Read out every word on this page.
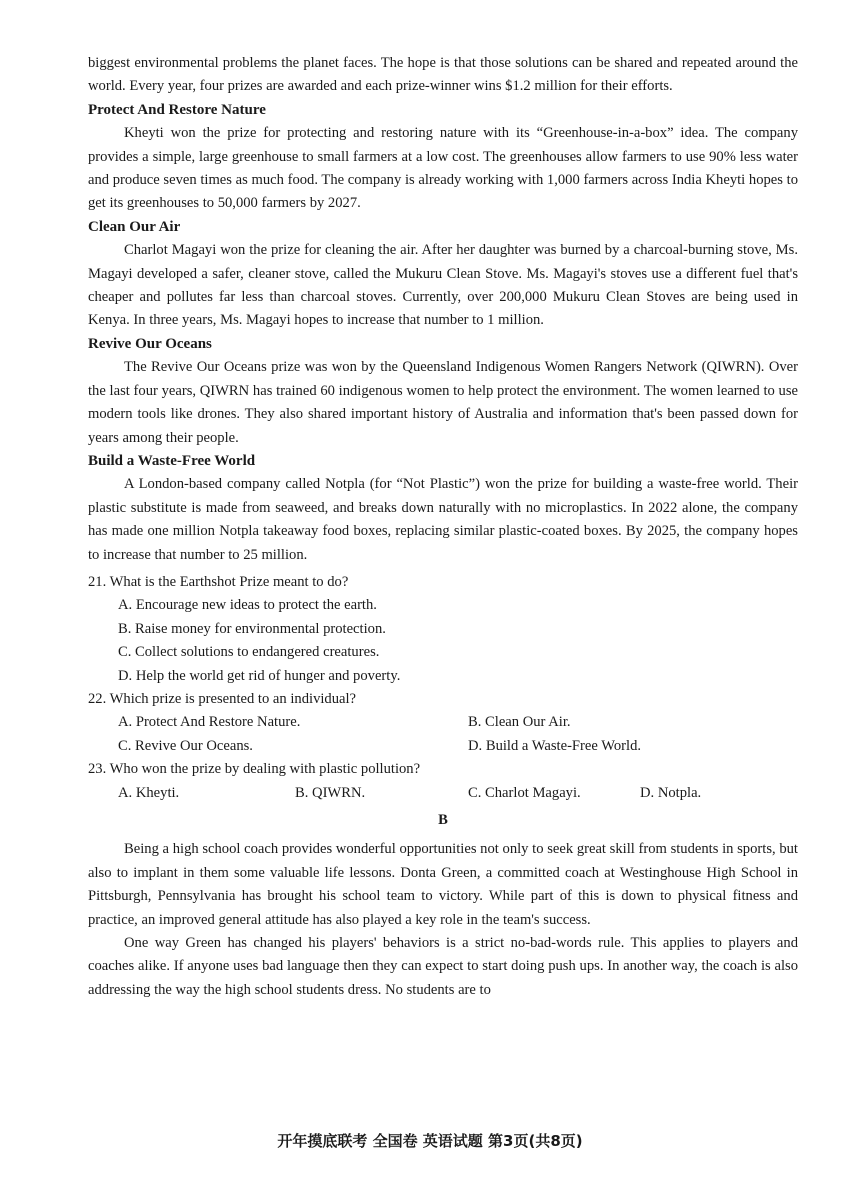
biggest environmental problems the planet faces. The hope is that those solutions can be shared and repeated around the world. Every year, four prizes are awarded and each prize-winner wins $1.2 million for their efforts.

Protect And Restore Nature

Kheyti won the prize for protecting and restoring nature with its “Greenhouse-in-a-box” idea. The company provides a simple, large greenhouse to small farmers at a low cost. The greenhouses allow farmers to use 90% less water and produce seven times as much food. The company is already working with 1,000 farmers across India Kheyti hopes to get its greenhouses to 50,000 farmers by 2027.

Clean Our Air

Charlot Magayi won the prize for cleaning the air. After her daughter was burned by a charcoal-burning stove, Ms. Magayi developed a safer, cleaner stove, called the Mukuru Clean Stove. Ms. Magayi's stoves use a different fuel that's cheaper and pollutes far less than charcoal stoves. Currently, over 200,000 Mukuru Clean Stoves are being used in Kenya. In three years, Ms. Magayi hopes to increase that number to 1 million.

Revive Our Oceans

The Revive Our Oceans prize was won by the Queensland Indigenous Women Rangers Network (QIWRN). Over the last four years, QIWRN has trained 60 indigenous women to help protect the environment. The women learned to use modern tools like drones. They also shared important history of Australia and information that's been passed down for years among their people.

Build a Waste-Free World

A London-based company called Notpla (for “Not Plastic”) won the prize for building a waste-free world. Their plastic substitute is made from seaweed, and breaks down naturally with no microplastics. In 2022 alone, the company has made one million Notpla takeaway food boxes, replacing similar plastic-coated boxes. By 2025, the company hopes to increase that number to 25 million.

21. What is the Earthshot Prize meant to do?
A. Encourage new ideas to protect the earth.
B. Raise money for environmental protection.
C. Collect solutions to endangered creatures.
D. Help the world get rid of hunger and poverty.
22. Which prize is presented to an individual?
A. Protect And Restore Nature.	B. Clean Our Air.
C. Revive Our Oceans.	D. Build a Waste-Free World.
23. Who won the prize by dealing with plastic pollution?
A. Kheyti.	B. QIWRN.	C. Charlot Magayi.	D. Notpla.
B

Being a high school coach provides wonderful opportunities not only to seek great skill from students in sports, but also to implant in them some valuable life lessons. Donta Green, a committed coach at Westinghouse High School in Pittsburgh, Pennsylvania has brought his school team to victory. While part of this is down to physical fitness and practice, an improved general attitude has also played a key role in the team's success.

One way Green has changed his players' behaviors is a strict no-bad-words rule. This applies to players and coaches alike. If anyone uses bad language then they can expect to start doing push ups. In another way, the coach is also addressing the way the high school students dress. No students are to

开年摸底联考 全国卷 英语试题 第3页(共8页)
